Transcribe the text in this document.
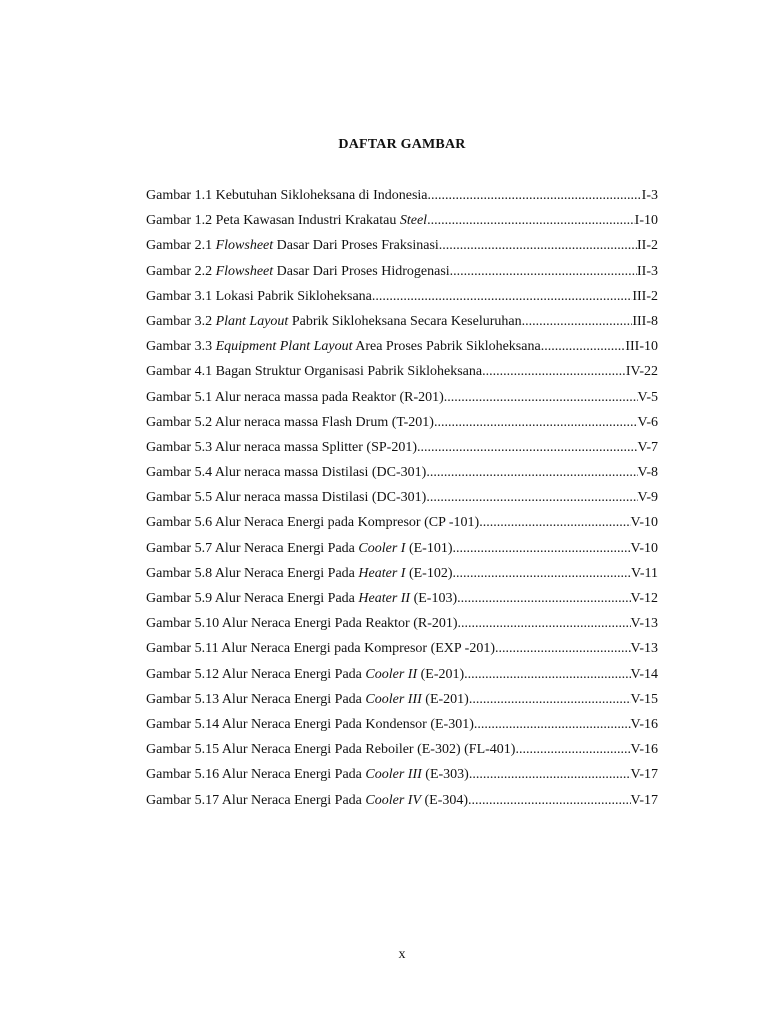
DAFTAR GAMBAR
Gambar 1.1 Kebutuhan Sikloheksana di Indonesia .....	I-3
Gambar 1.2 Peta Kawasan Industri Krakatau Steel .....	I-10
Gambar 2.1 Flowsheet Dasar Dari Proses Fraksinasi .....	II-2
Gambar 2.2 Flowsheet Dasar Dari Proses Hidrogenasi .....	II-3
Gambar 3.1 Lokasi Pabrik Sikloheksana .....	III-2
Gambar 3.2 Plant Layout Pabrik Sikloheksana Secara Keseluruhan .....	III-8
Gambar 3.3 Equipment Plant Layout Area Proses Pabrik Sikloheksana .....	III-10
Gambar 4.1 Bagan Struktur Organisasi Pabrik Sikloheksana .....	IV-22
Gambar 5.1 Alur neraca massa pada Reaktor (R-201) .....	V-5
Gambar 5.2 Alur neraca massa Flash Drum (T-201) .....	V-6
Gambar 5.3 Alur neraca massa Splitter (SP-201) .....	V-7
Gambar 5.4 Alur neraca massa Distilasi (DC-301) .....	V-8
Gambar 5.5 Alur neraca massa Distilasi (DC-301) .....	V-9
Gambar 5.6 Alur Neraca Energi pada Kompresor (CP -101) .....	V-10
Gambar 5.7 Alur Neraca Energi Pada Cooler I (E-101) .....	V-10
Gambar 5.8 Alur Neraca Energi Pada Heater I (E-102) .....	V-11
Gambar 5.9 Alur Neraca Energi Pada Heater II (E-103) .....	V-12
Gambar 5.10 Alur Neraca Energi Pada Reaktor (R-201) .....	V-13
Gambar 5.11 Alur Neraca Energi pada Kompresor (EXP -201) .....	V-13
Gambar 5.12 Alur Neraca Energi Pada Cooler II (E-201) .....	V-14
Gambar 5.13 Alur Neraca Energi Pada Cooler III (E-201) .....	V-15
Gambar 5.14 Alur Neraca Energi Pada Kondensor (E-301) .....	V-16
Gambar 5.15 Alur Neraca Energi Pada Reboiler (E-302) (FL-401) .....	V-16
Gambar 5.16 Alur Neraca Energi Pada Cooler III (E-303) .....	V-17
Gambar 5.17 Alur Neraca Energi Pada Cooler IV (E-304) .....	V-17
x
